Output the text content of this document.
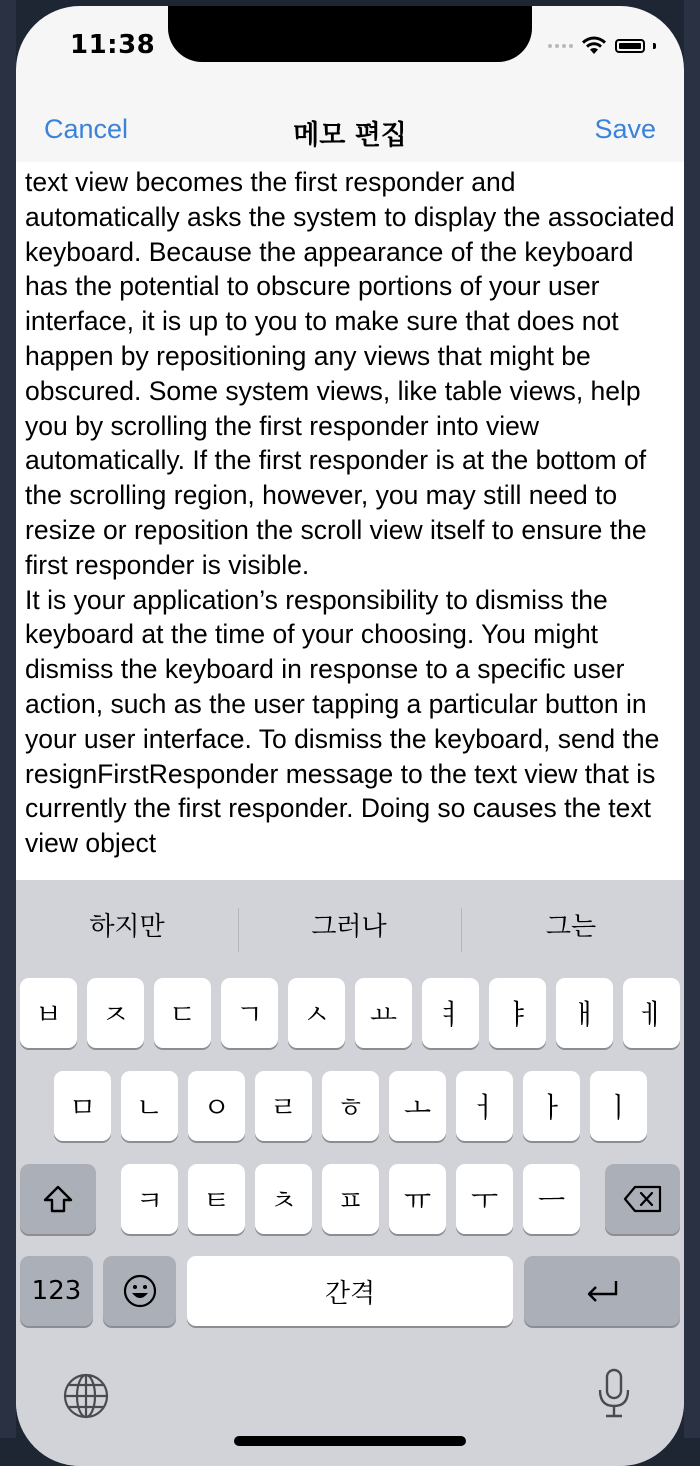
11:38
Cancel	메모 편집	Save

text view becomes the first responder and automatically asks the system to display the associated keyboard. Because the appearance of the keyboard has the potential to obscure portions of your user interface, it is up to you to make sure that does not happen by repositioning any views that might be obscured. Some system views, like table views, help you by scrolling the first responder into view automatically. If the first responder is at the bottom of the scrolling region, however, you may still need to resize or reposition the scroll view itself to ensure the first responder is visible.

It is your application’s responsibility to dismiss the keyboard at the time of your choosing. You might dismiss the keyboard in response to a specific user action, such as the user tapping a particular button in your user interface. To dismiss the keyboard, send the resignFirstResponder message to the text view that is currently the first responder. Doing so causes the text view object

하지만	그러나	그는
ㅂ ㅈ ㄷ ㄱ ㅅ ㅛ ㅕ ㅑ ㅐ ㅔ
ㅁ ㄴ ㅇ ㄹ ㅎ ㅗ ㅓ ㅏ ㅣ
ㅋ ㅌ ㅊ ㅍ ㅠ ㅜ ㅡ
123	간격
